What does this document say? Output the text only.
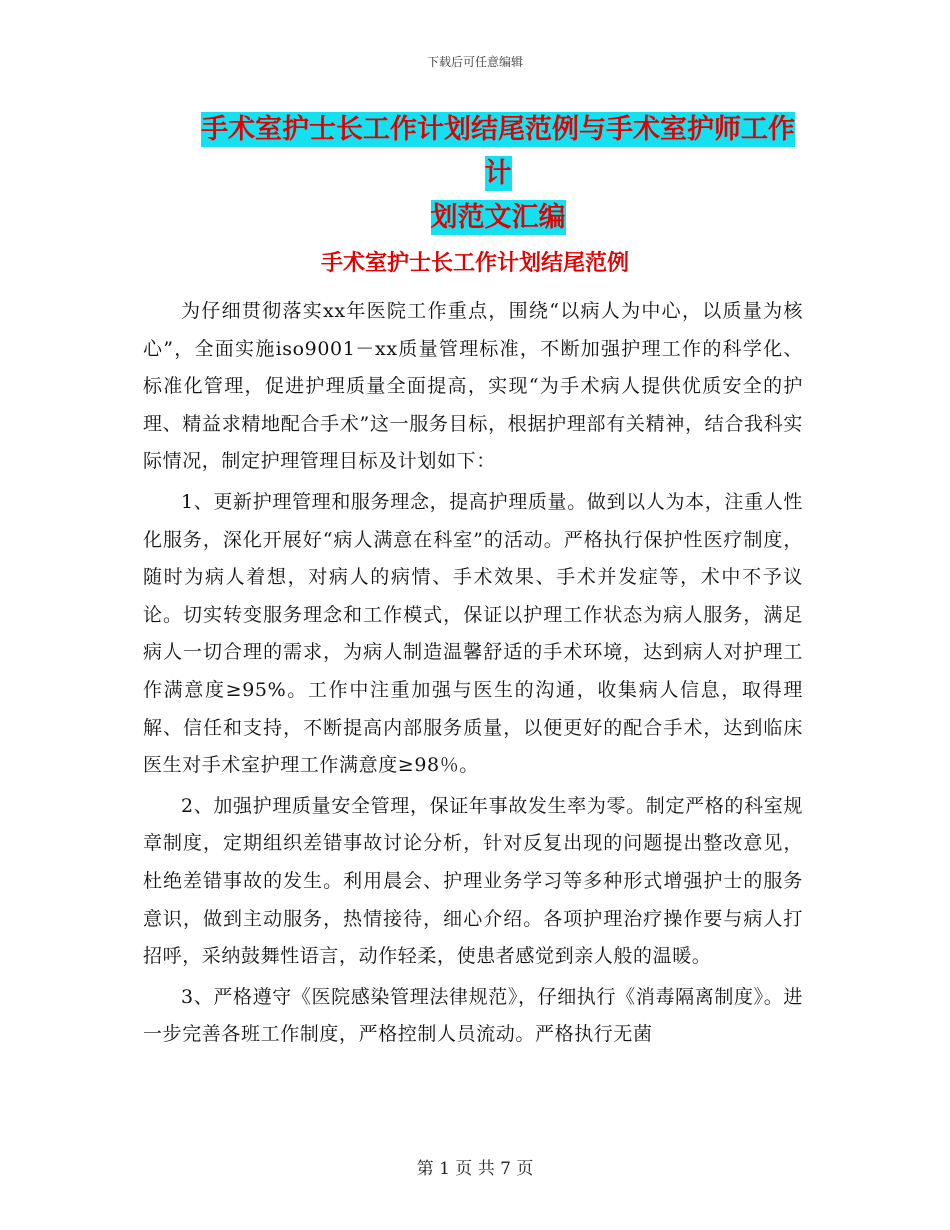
下载后可任意编辑
手术室护士长工作计划结尾范例与手术室护师工作计
划范文汇编
手术室护士长工作计划结尾范例

为仔细贯彻落实xx年医院工作重点，围绕“以病人为中心，以质量为核心”，全面实施iso9001－xx质量管理标准，不断加强护理工作的科学化、标准化管理，促进护理质量全面提高，实现“为手术病人提供优质安全的护理、精益求精地配合手术”这一服务目标，根据护理部有关精神，结合我科实际情况，制定护理管理目标及计划如下：

1、更新护理管理和服务理念，提高护理质量。做到以人为本，注重人性化服务，深化开展好“病人满意在科室”的活动。严格执行保护性医疗制度，随时为病人着想，对病人的病情、手术效果、手术并发症等，术中不予议论。切实转变服务理念和工作模式，保证以护理工作状态为病人服务，满足病人一切合理的需求，为病人制造温馨舒适的手术环境，达到病人对护理工作满意度≥95%。工作中注重加强与医生的沟通，收集病人信息，取得理解、信任和支持，不断提高内部服务质量，以便更好的配合手术，达到临床医生对手术室护理工作满意度≥98％。

2、加强护理质量安全管理，保证年事故发生率为零。制定严格的科室规章制度，定期组织差错事故讨论分析，针对反复出现的问题提出整改意见，杜绝差错事故的发生。利用晨会、护理业务学习等多种形式增强护士的服务意识，做到主动服务，热情接待，细心介绍。各项护理治疗操作要与病人打招呼，采纳鼓舞性语言，动作轻柔，使患者感觉到亲人般的温暖。

3、严格遵守《医院感染管理法律规范》，仔细执行《消毒隔离制度》。进一步完善各班工作制度，严格控制人员流动。严格执行无菌

第 1 页 共 7 页
